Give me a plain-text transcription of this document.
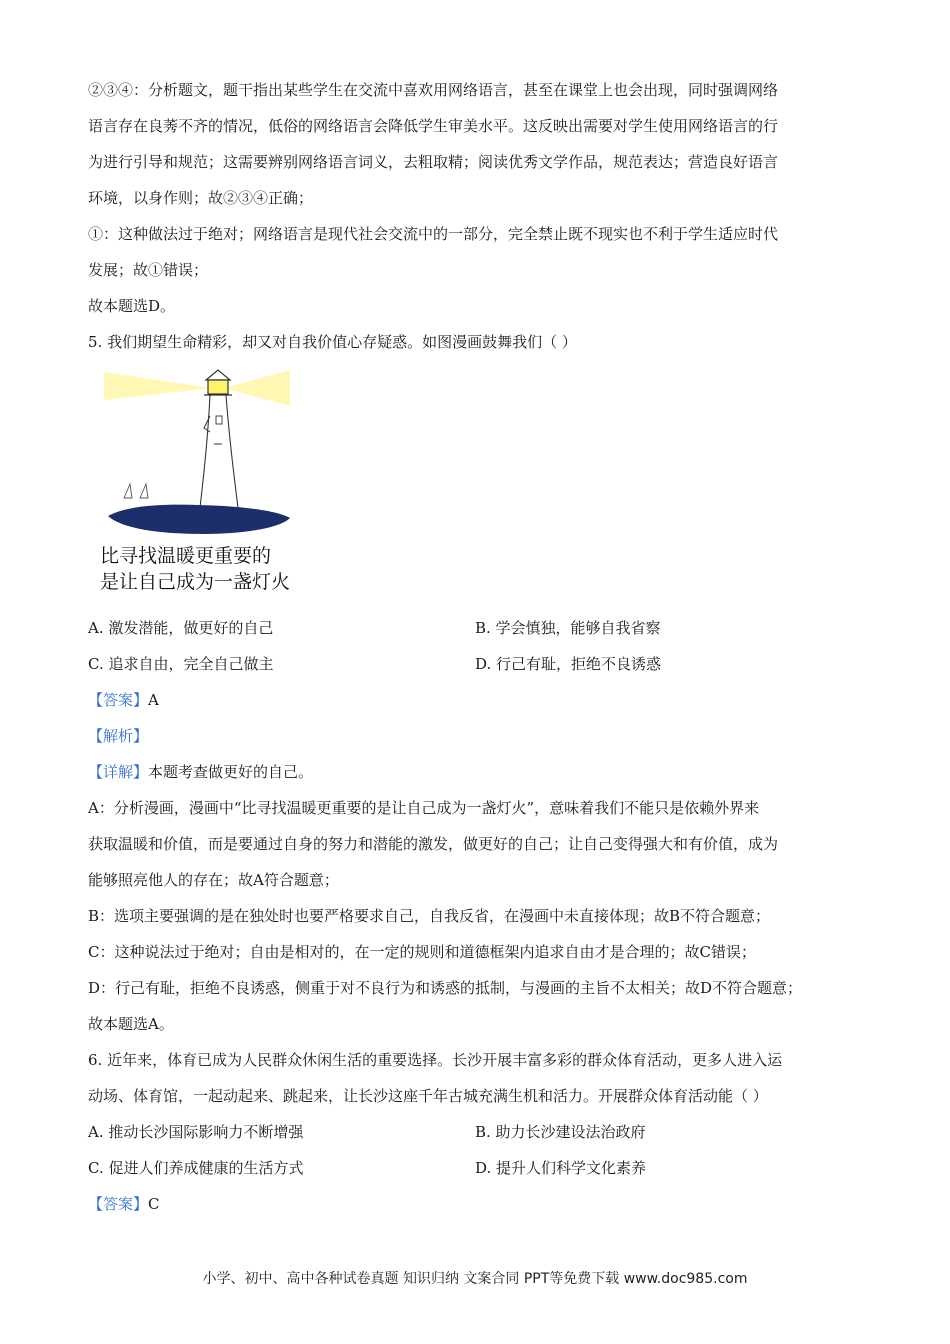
②③④：分析题文，题干指出某些学生在交流中喜欢用网络语言，甚至在课堂上也会出现，同时强调网络
语言存在良莠不齐的情况，低俗的网络语言会降低学生审美水平。这反映出需要对学生使用网络语言的行
为进行引导和规范；这需要辨别网络语言词义，去粗取精；阅读优秀文学作品，规范表达；营造良好语言
环境，以身作则；故②③④正确；
①：这种做法过于绝对；网络语言是现代社会交流中的一部分，完全禁止既不现实也不利于学生适应时代
发展；故①错误；
故本题选D。
5. 我们期望生命精彩，却又对自我价值心存疑惑。如图漫画鼓舞我们（ ）
比寻找温暖更重要的
是让自己成为一盏灯火
A. 激发潜能，做更好的自己	B. 学会慎独，能够自我省察
C. 追求自由，完全自己做主	D. 行己有耻，拒绝不良诱惑
【答案】A
【解析】
【详解】本题考查做更好的自己。
A：分析漫画，漫画中“比寻找温暖更重要的是让自己成为一盏灯火”，意味着我们不能只是依赖外界来
获取温暖和价值，而是要通过自身的努力和潜能的激发，做更好的自己；让自己变得强大和有价值，成为
能够照亮他人的存在；故A符合题意；
B：选项主要强调的是在独处时也要严格要求自己，自我反省，在漫画中未直接体现；故B不符合题意；
C：这种说法过于绝对；自由是相对的，在一定的规则和道德框架内追求自由才是合理的；故C错误；
D：行己有耻，拒绝不良诱惑，侧重于对不良行为和诱惑的抵制，与漫画的主旨不太相关；故D不符合题意；
故本题选A。
6. 近年来，体育已成为人民群众休闲生活的重要选择。长沙开展丰富多彩的群众体育活动，更多人进入运
动场、体育馆，一起动起来、跳起来，让长沙这座千年古城充满生机和活力。开展群众体育活动能（ ）
A. 推动长沙国际影响力不断增强	B. 助力长沙建设法治政府
C. 促进人们养成健康的生活方式	D. 提升人们科学文化素养
【答案】C
小学、初中、高中各种试卷真题 知识归纳 文案合同 PPT等免费下载 www.doc985.com
